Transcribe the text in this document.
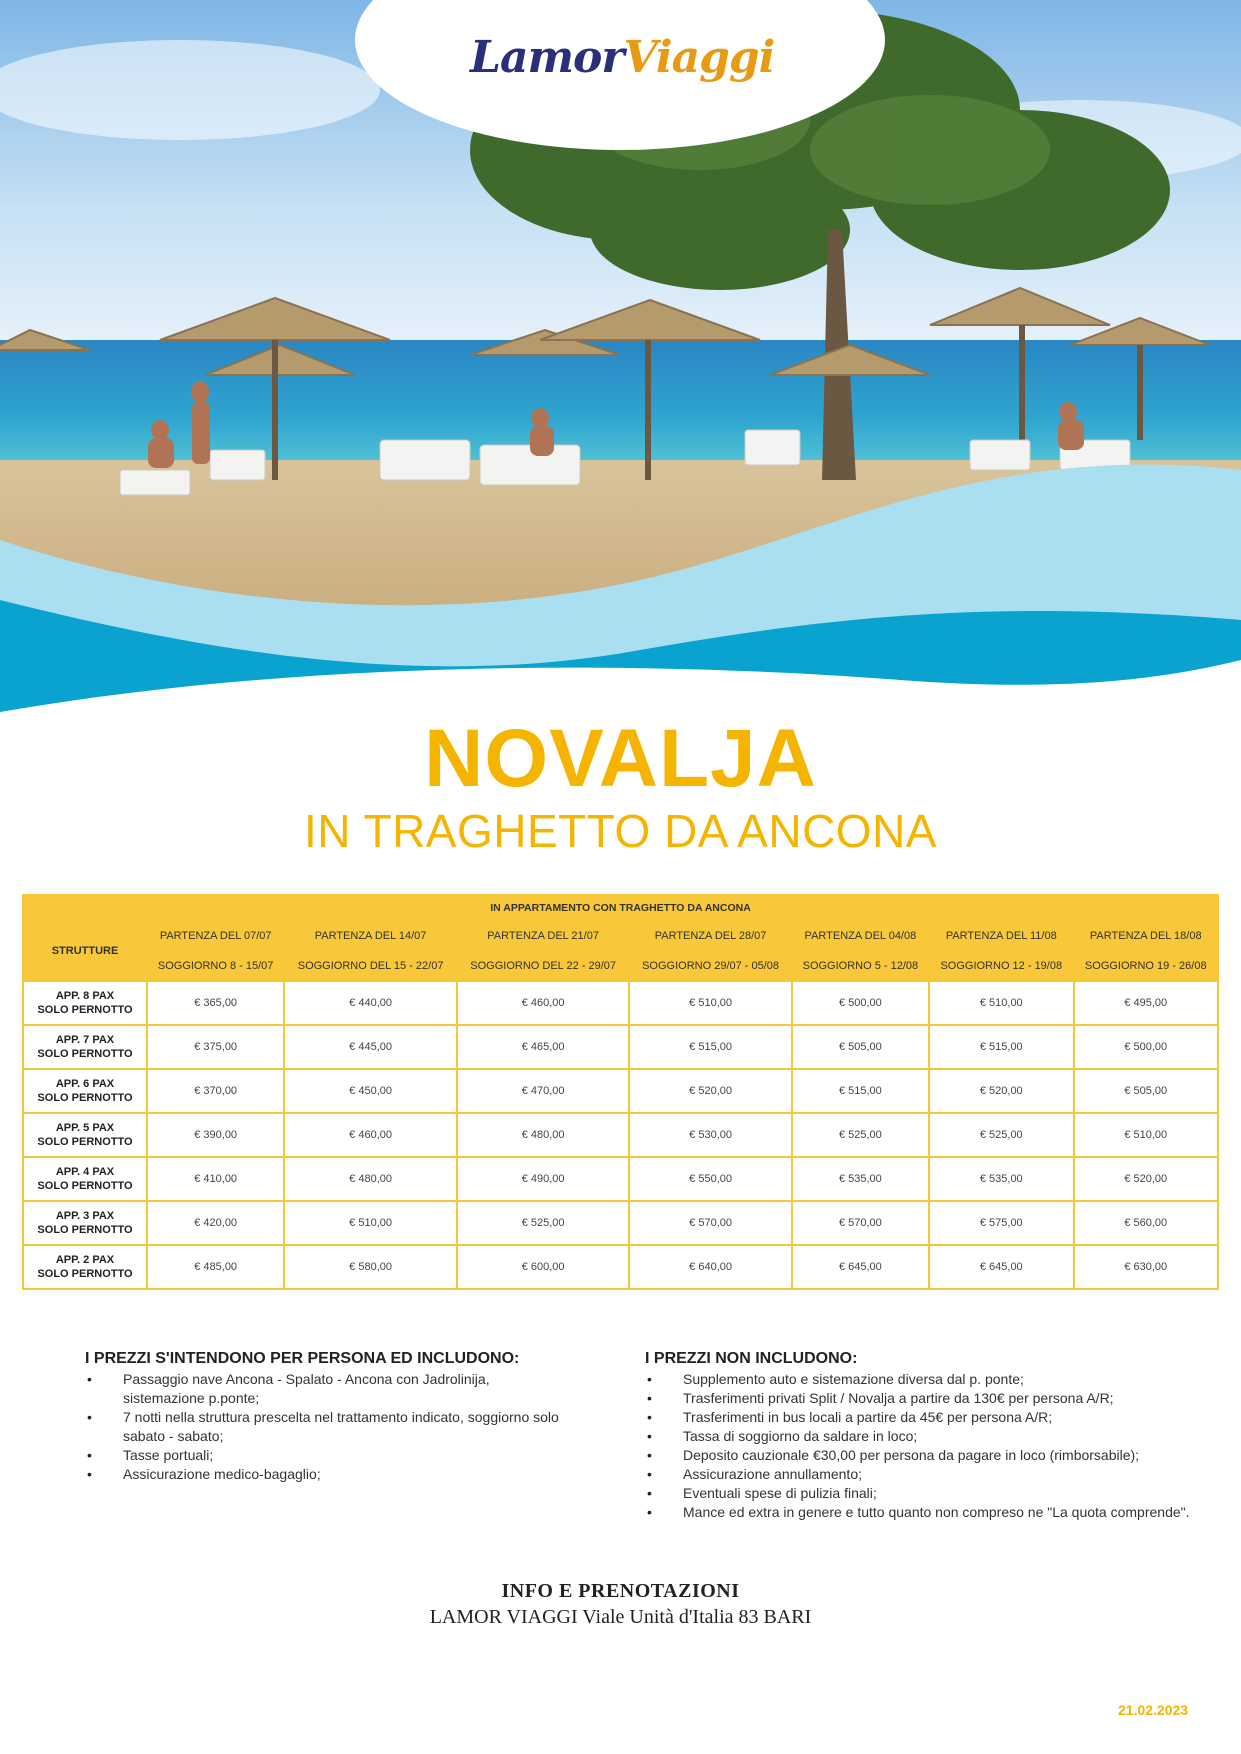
LamorViaggi
NOVALJA
IN TRAGHETTO DA ANCONA
IN APPARTAMENTO CON TRAGHETTO DA ANCONA							
STRUTTURE	PARTENZA DEL 07/07	PARTENZA DEL 14/07	PARTENZA DEL 21/07	PARTENZA DEL 28/07	PARTENZA DEL 04/08	PARTENZA DEL 11/08	PARTENZA DEL 18/08
	SOGGIORNO 8 - 15/07	SOGGIORNO DEL 15 - 22/07	SOGGIORNO DEL 22 - 29/07	SOGGIORNO 29/07 - 05/08	SOGGIORNO 5 - 12/08	SOGGIORNO 12 - 19/08	SOGGIORNO 19 - 26/08

APP. 8 PAX
SOLO PERNOTTO	€ 365,00	€ 440,00	€ 460,00	€ 510,00	€ 500,00	€ 510,00	€ 495,00

APP. 7 PAX
SOLO PERNOTTO	€ 375,00	€ 445,00	€ 465,00	€ 515,00	€ 505,00	€ 515,00	€ 500,00

APP. 6 PAX
SOLO PERNOTTO	€ 370,00	€ 450,00	€ 470,00	€ 520,00	€ 515,00	€ 520,00	€ 505,00

APP. 5 PAX
SOLO PERNOTTO	€ 390,00	€ 460,00	€ 480,00	€ 530,00	€ 525,00	€ 525,00	€ 510,00

APP. 4 PAX
SOLO PERNOTTO	€ 410,00	€ 480,00	€ 490,00	€ 550,00	€ 535,00	€ 535,00	€ 520,00

APP. 3 PAX
SOLO PERNOTTO	€ 420,00	€ 510,00	€ 525,00	€ 570,00	€ 570,00	€ 575,00	€ 560,00

APP. 2 PAX
SOLO PERNOTTO	€ 485,00	€ 580,00	€ 600,00	€ 640,00	€ 645,00	€ 645,00	€ 630,00
I PREZZI S'INTENDONO PER PERSONA ED INCLUDONO:
• Passaggio nave Ancona - Spalato - Ancona con Jadrolinija, sistemazione p.ponte;
• 7 notti nella struttura prescelta nel trattamento indicato, soggiorno solo sabato - sabato;
• Tasse portuali;
• Assicurazione medico-bagaglio;
I PREZZI NON INCLUDONO:
• Supplemento auto e sistemazione diversa dal p. ponte;
• Trasferimenti privati Split / Novalja a partire da 130€ per persona A/R;
• Trasferimenti in bus locali a partire da 45€ per persona A/R;
• Tassa di soggiorno da saldare in loco;
• Deposito cauzionale €30,00 per persona da pagare in loco (rimborsabile);
• Assicurazione annullamento;
• Eventuali spese di pulizia finali;
• Mance ed extra in genere e tutto quanto non compreso ne "La quota comprende".
INFO E PRENOTAZIONI
LAMOR VIAGGI Viale Unità d'Italia 83 BARI
21.02.2023
